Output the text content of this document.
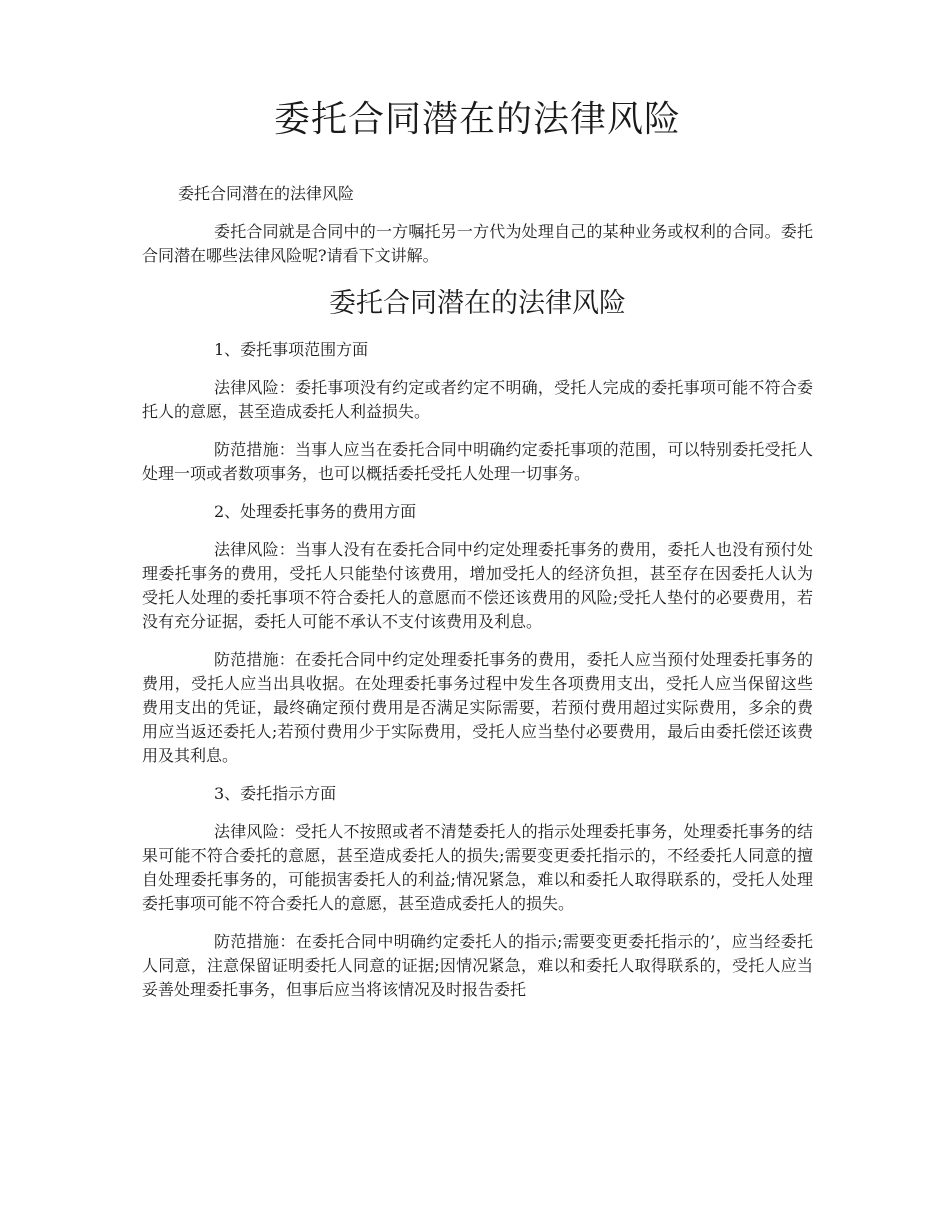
委托合同潜在的法律风险

委托合同潜在的法律风险

委托合同就是合同中的一方嘱托另一方代为处理自己的某种业务或权利的合同。委托合同潜在哪些法律风险呢?请看下文讲解。

委托合同潜在的法律风险

1、委托事项范围方面

法律风险：委托事项没有约定或者约定不明确，受托人完成的委托事项可能不符合委托人的意愿，甚至造成委托人利益损失。

防范措施：当事人应当在委托合同中明确约定委托事项的范围，可以特别委托受托人处理一项或者数项事务，也可以概括委托受托人处理一切事务。

2、处理委托事务的费用方面

法律风险：当事人没有在委托合同中约定处理委托事务的费用，委托人也没有预付处理委托事务的费用，受托人只能垫付该费用，增加受托人的经济负担，甚至存在因委托人认为受托人处理的委托事项不符合委托人的意愿而不偿还该费用的风险;受托人垫付的必要费用，若没有充分证据，委托人可能不承认不支付该费用及利息。

防范措施：在委托合同中约定处理委托事务的费用，委托人应当预付处理委托事务的费用，受托人应当出具收据。在处理委托事务过程中发生各项费用支出，受托人应当保留这些费用支出的凭证，最终确定预付费用是否满足实际需要，若预付费用超过实际费用，多余的费用应当返还委托人;若预付费用少于实际费用，受托人应当垫付必要费用，最后由委托偿还该费用及其利息。

3、委托指示方面

法律风险：受托人不按照或者不清楚委托人的指示处理委托事务，处理委托事务的结果可能不符合委托的意愿，甚至造成委托人的损失;需要变更委托指示的，不经委托人同意的擅自处理委托事务的，可能损害委托人的利益;情况紧急，难以和委托人取得联系的，受托人处理委托事项可能不符合委托人的意愿，甚至造成委托人的损失。

防范措施：在委托合同中明确约定委托人的指示;需要变更委托指示的’，应当经委托人同意，注意保留证明委托人同意的证据;因情况紧急，难以和委托人取得联系的，受托人应当妥善处理委托事务，但事后应当将该情况及时报告委托
